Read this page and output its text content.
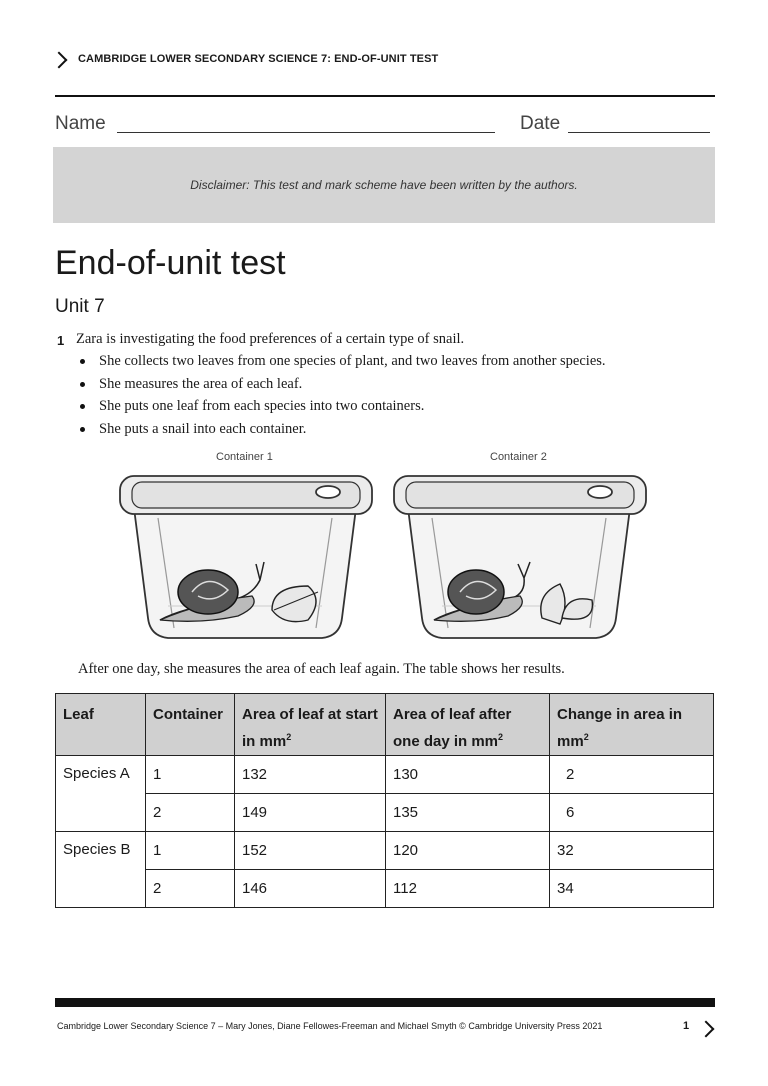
CAMBRIDGE LOWER SECONDARY SCIENCE 7: END-OF-UNIT TEST
Name	Date
Disclaimer: This test and mark scheme have been written by the authors.
End-of-unit test
Unit 7
1 Zara is investigating the food preferences of a certain type of snail.
She collects two leaves from one species of plant, and two leaves from another species.
She measures the area of each leaf.
She puts one leaf from each species into two containers.
She puts a snail into each container.
Container 1	Container 2
After one day, she measures the area of each leaf again. The table shows her results.
Leaf	Container	Area of leaf at start in $mm^2$	Area of leaf after one day in $mm^2$	Change in area in $mm^2$
Species A	1	132	130	2
	2	149	135	6
Species B	1	152	120	32
	2	146	112	34
Cambridge Lower Secondary Science 7 – Mary Jones, Diane Fellowes-Freeman and Michael Smyth © Cambridge University Press 2021	1
